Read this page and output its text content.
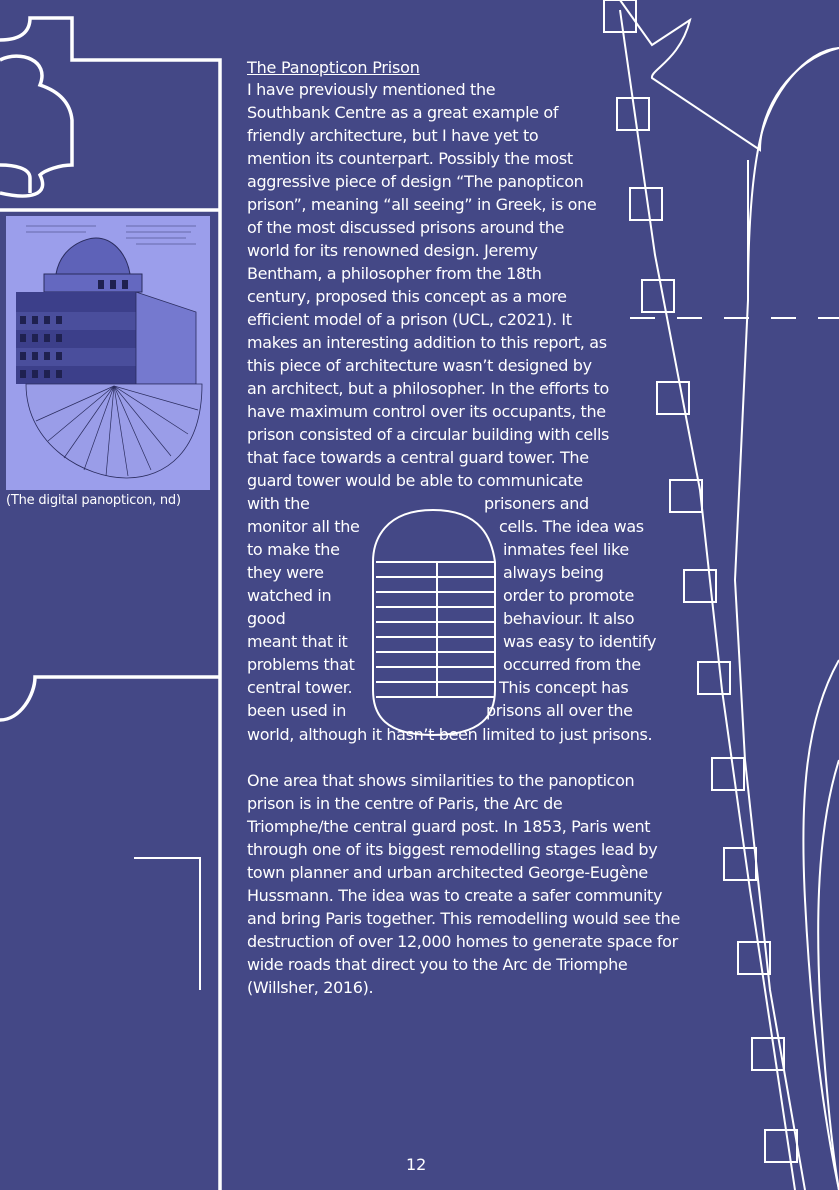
(The digital panopticon, nd)
The Panopticon Prison
I have previously mentioned the
Southbank Centre as a great example of
friendly architecture, but I have yet to
mention its counterpart. Possibly the most
aggressive piece of design “The panopticon
prison”, meaning “all seeing” in Greek, is one
of the most discussed prisons around the
world for its renowned design. Jeremy
Bentham, a philosopher from the 18th
century, proposed this concept as a more
efficient model of a prison (UCL, c2021). It
makes an interesting addition to this report, as
this piece of architecture wasn’t designed by
an architect, but a philosopher. In the efforts to
have maximum control over its occupants, the
prison consisted of a circular building with cells
that face towards a central guard tower. The
guard tower would be able to communicate
with the
monitor all the
to make the
they were
watched in
good
meant that it
problems that
central tower.
been used in
prisoners and
cells. The idea was
inmates feel like
always being
order to promote
behaviour. It also
was easy to identify
occurred from the
This concept has
prisons all over the
world, although it hasn’t been limited to just prisons.
One area that shows similarities to the panopticon
prison is in the centre of Paris, the Arc de
Triomphe/the central guard post. In 1853, Paris went
through one of its biggest remodelling stages lead by
town planner and urban architected George-Eugène
Hussmann. The idea was to create a safer community
and bring Paris together. This remodelling would see the
destruction of over 12,000 homes to generate space for
wide roads that direct you to the Arc de Triomphe
(Willsher, 2016).
12
